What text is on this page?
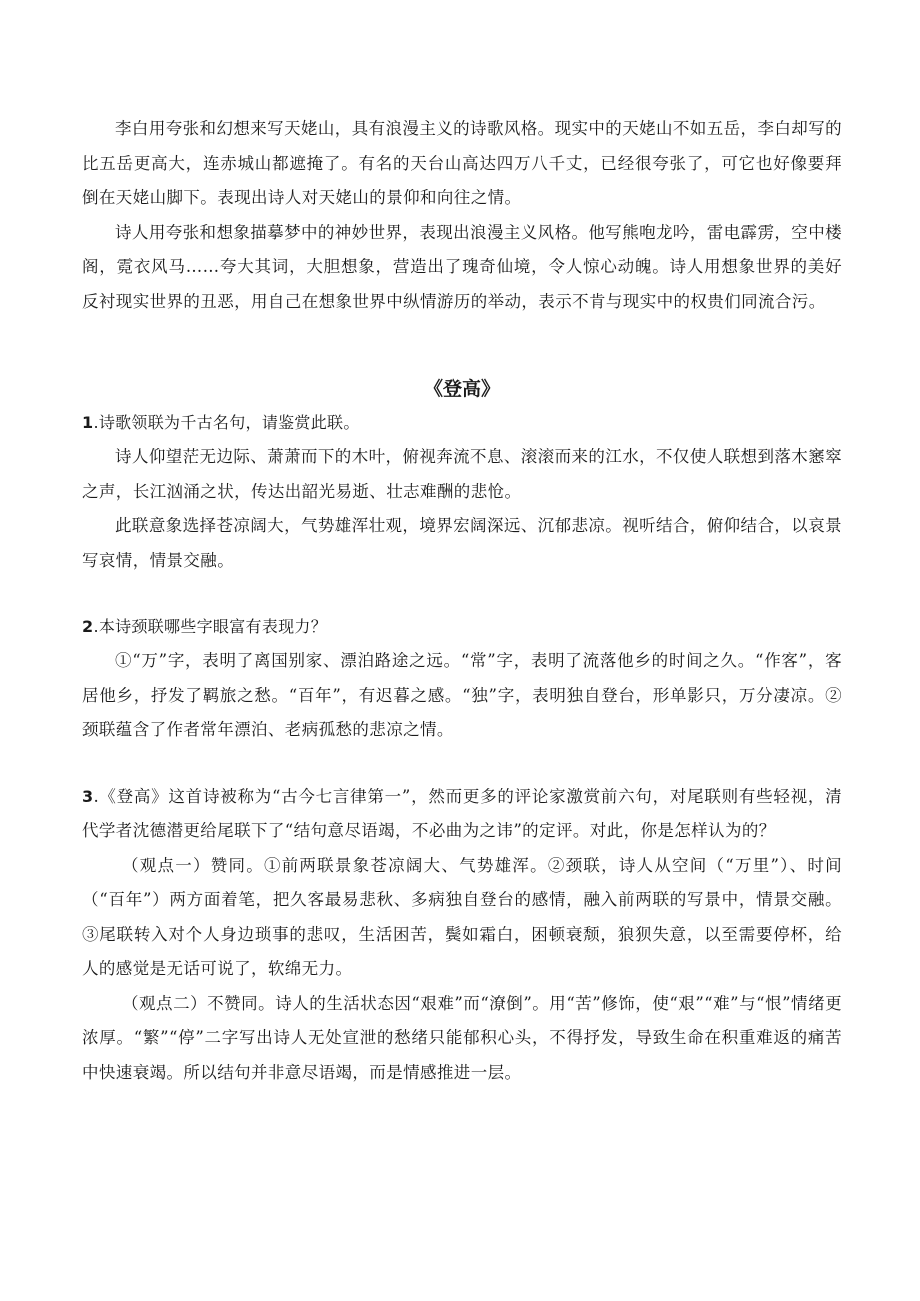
李白用夸张和幻想来写天姥山，具有浪漫主义的诗歌风格。现实中的天姥山不如五岳，李白却写的比五岳更高大，连赤城山都遮掩了。有名的天台山高达四万八千丈，已经很夸张了，可它也好像要拜倒在天姥山脚下。表现出诗人对天姥山的景仰和向往之情。

诗人用夸张和想象描摹梦中的神妙世界，表现出浪漫主义风格。他写熊咆龙吟，雷电霹雳，空中楼阁，霓衣风马……夸大其词，大胆想象，营造出了瑰奇仙境，令人惊心动魄。诗人用想象世界的美好反衬现实世界的丑恶，用自己在想象世界中纵情游历的举动，表示不肯与现实中的权贵们同流合污。

《登高》
1.诗歌领联为千古名句，请鉴赏此联。

诗人仰望茫无边际、萧萧而下的木叶，俯视奔流不息、滚滚而来的江水，不仅使人联想到落木窸窣之声，长江汹涌之状，传达出韶光易逝、壮志难酬的悲怆。

此联意象选择苍凉阔大，气势雄浑壮观，境界宏阔深远、沉郁悲凉。视听结合，俯仰结合，以哀景写哀情，情景交融。

2.本诗颈联哪些字眼富有表现力？

①“万”字，表明了离国别家、漂泊路途之远。“常”字，表明了流落他乡的时间之久。“作客”，客居他乡，抒发了羁旅之愁。“百年”，有迟暮之感。“独”字，表明独自登台，形单影只，万分凄凉。②颈联蕴含了作者常年漂泊、老病孤愁的悲凉之情。

3.《登高》这首诗被称为“古今七言律第一”，然而更多的评论家激赏前六句，对尾联则有些轻视，清代学者沈德潜更给尾联下了“结句意尽语竭，不必曲为之讳”的定评。对此，你是怎样认为的？

（观点一）赞同。①前两联景象苍凉阔大、气势雄浑。②颈联，诗人从空间（“万里”）、时间（“百年”）两方面着笔，把久客最易悲秋、多病独自登台的感情，融入前两联的写景中，情景交融。③尾联转入对个人身边琐事的悲叹，生活困苦，鬓如霜白，困顿衰颓，狼狈失意，以至需要停杯，给人的感觉是无话可说了，软绵无力。

（观点二）不赞同。诗人的生活状态因“艰难”而“潦倒”。用“苦”修饰，使“艰”“难”与“恨”情绪更浓厚。“繁”“停”二字写出诗人无处宣泄的愁绪只能郁积心头，不得抒发，导致生命在积重难返的痛苦中快速衰竭。所以结句并非意尽语竭，而是情感推进一层。
